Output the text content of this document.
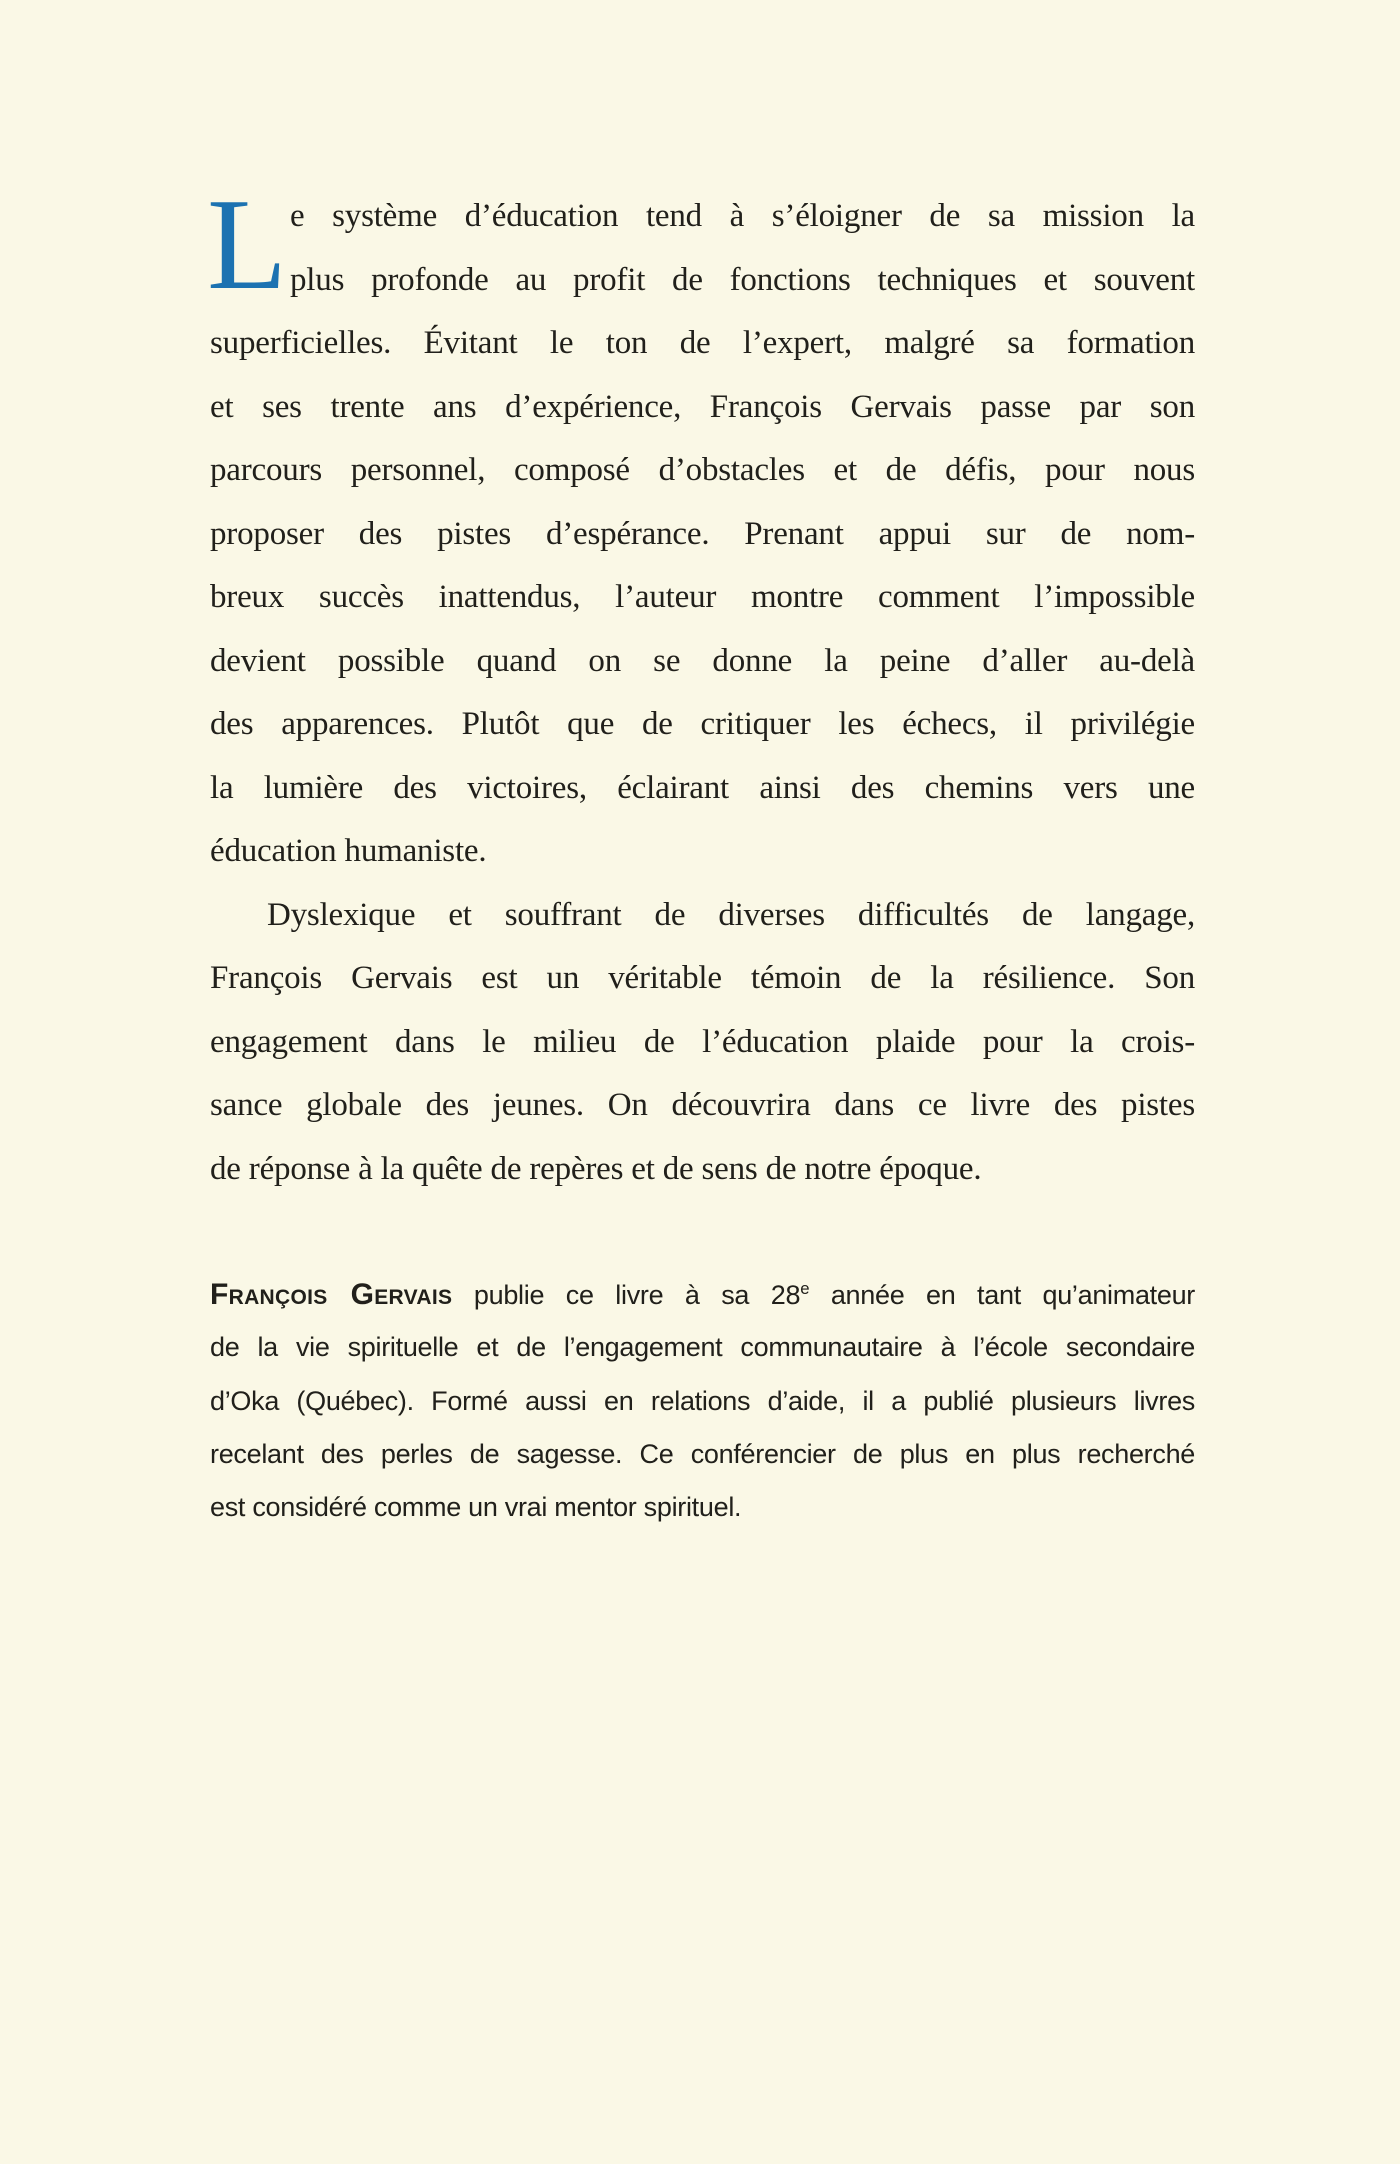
L e système d’éducation tend à s’éloigner de sa mission la
plus profonde au profit de fonctions techniques et souvent
superficielles. Évitant le ton de l’expert, malgré sa formation
et ses trente ans d’expérience, François Gervais passe par son
parcours personnel, composé d’obstacles et de défis, pour nous
proposer des pistes d’espérance. Prenant appui sur de nom-
breux succès inattendus, l’auteur montre comment l’impossible
devient possible quand on se donne la peine d’aller au-delà
des apparences. Plutôt que de critiquer les échecs, il privilégie
la lumière des victoires, éclairant ainsi des chemins vers une
éducation humaniste.
Dyslexique et souffrant de diverses difficultés de langage,
François Gervais est un véritable témoin de la résilience. Son
engagement dans le milieu de l’éducation plaide pour la crois-
sance globale des jeunes. On découvrira dans ce livre des pistes
de réponse à la quête de repères et de sens de notre époque.
François Gervais publie ce livre à sa 28e année en tant qu’animateur
de la vie spirituelle et de l’engagement communautaire à l’école secondaire
d’Oka (Québec). Formé aussi en relations d’aide, il a publié plusieurs livres
recelant des perles de sagesse. Ce conférencier de plus en plus recherché
est considéré comme un vrai mentor spirituel.
